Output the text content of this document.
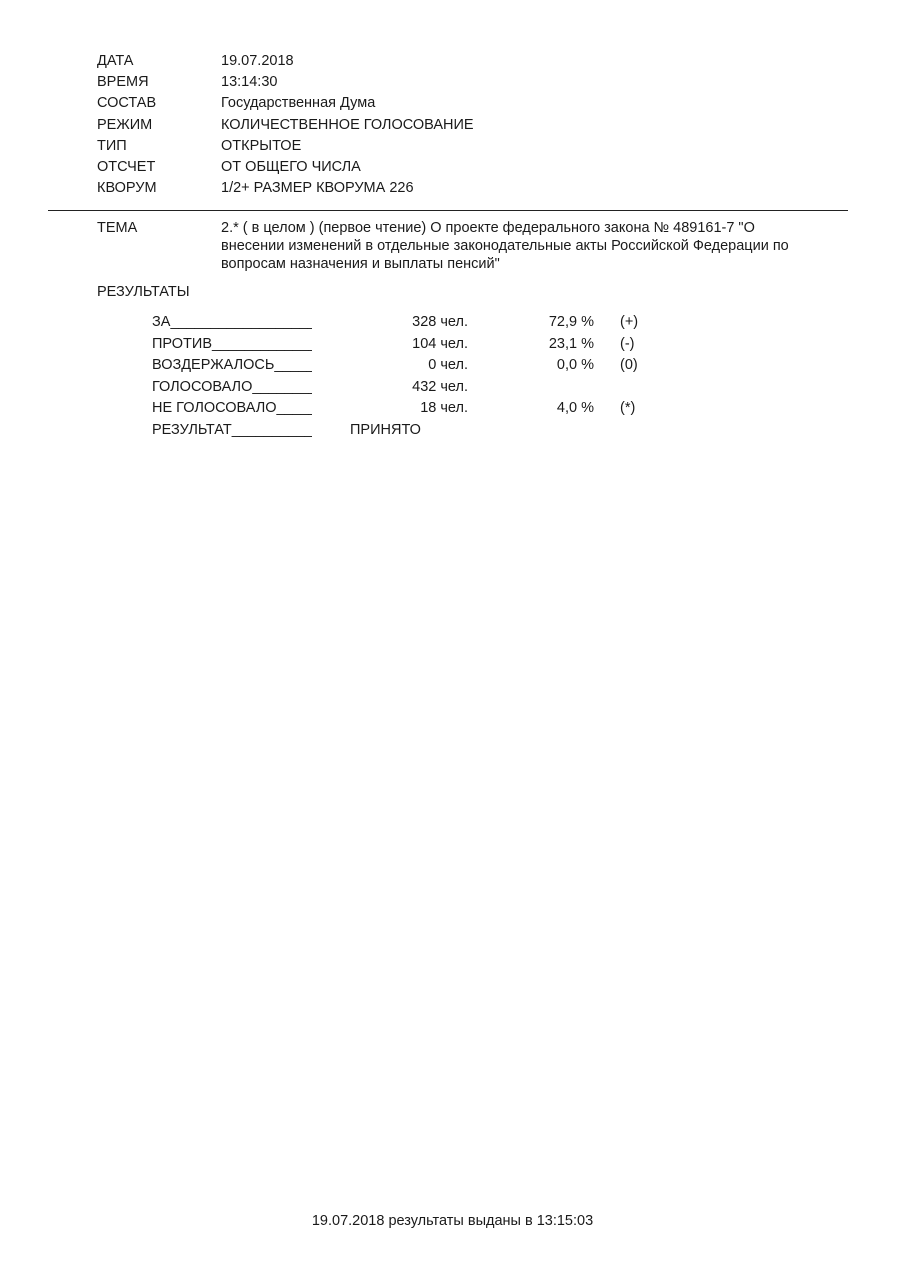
ДАТА	19.07.2018
ВРЕМЯ	13:14:30
СОСТАВ	Государственная Дума
РЕЖИМ	КОЛИЧЕСТВЕННОЕ ГОЛОСОВАНИЕ
ТИП	ОТКРЫТОЕ
ОТСЧЕТ	ОТ ОБЩЕГО ЧИСЛА
КВОРУМ	1/2+ РАЗМЕР КВОРУМА 226
ТЕМА	2.* ( в целом ) (первое чтение) О проекте федерального закона № 489161-7 "О внесении изменений в отдельные законодательные акты Российской Федерации по вопросам назначения и выплаты пенсий"
РЕЗУЛЬТАТЫ
ЗА _____	328 чел.	72,9 % (+)
ПРОТИВ _____	104 чел.	23,1 % (-)
ВОЗДЕРЖАЛОСЬ _____	0 чел.	0,0 % (0)
ГОЛОСОВАЛО _____	432 чел.
НЕ ГОЛОСОВАЛО _____	18 чел.	4,0 % (*)
РЕЗУЛЬТАТ _____	ПРИНЯТО
19.07.2018 результаты выданы в 13:15:03
